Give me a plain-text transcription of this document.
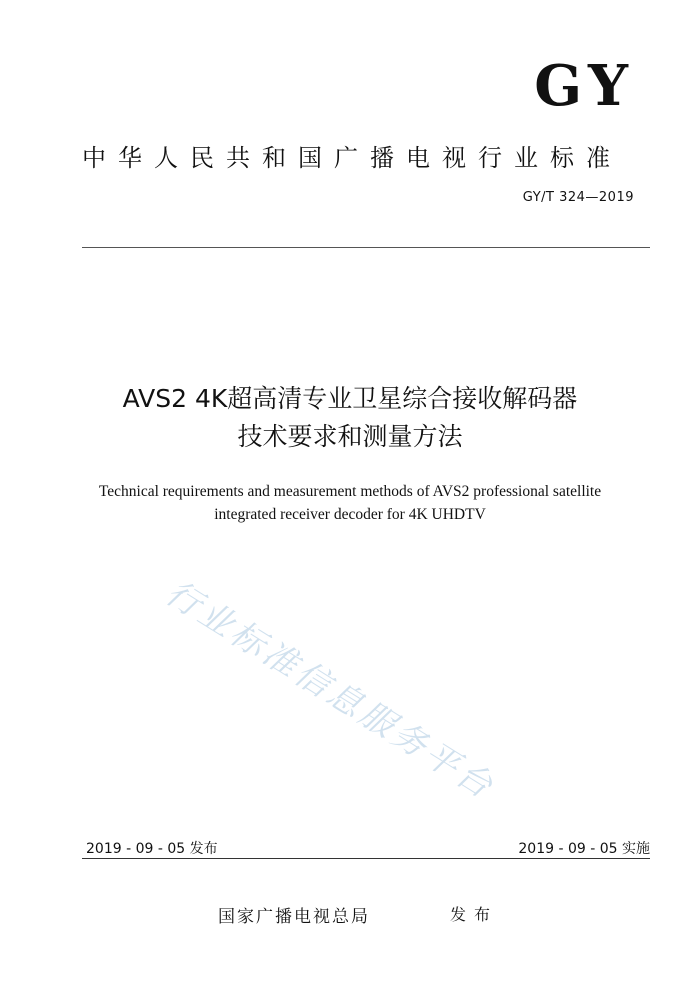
GY
中华人民共和国广播电视行业标准
GY/T 324—2019
AVS2 4K超高清专业卫星综合接收解码器
技术要求和测量方法
Technical requirements and measurement methods of AVS2 professional satellite
integrated receiver decoder for 4K UHDTV
行业标准信息服务平台
2019 - 09 - 05 发布	2019 - 09 - 05 实施
国家广播电视总局	发布
